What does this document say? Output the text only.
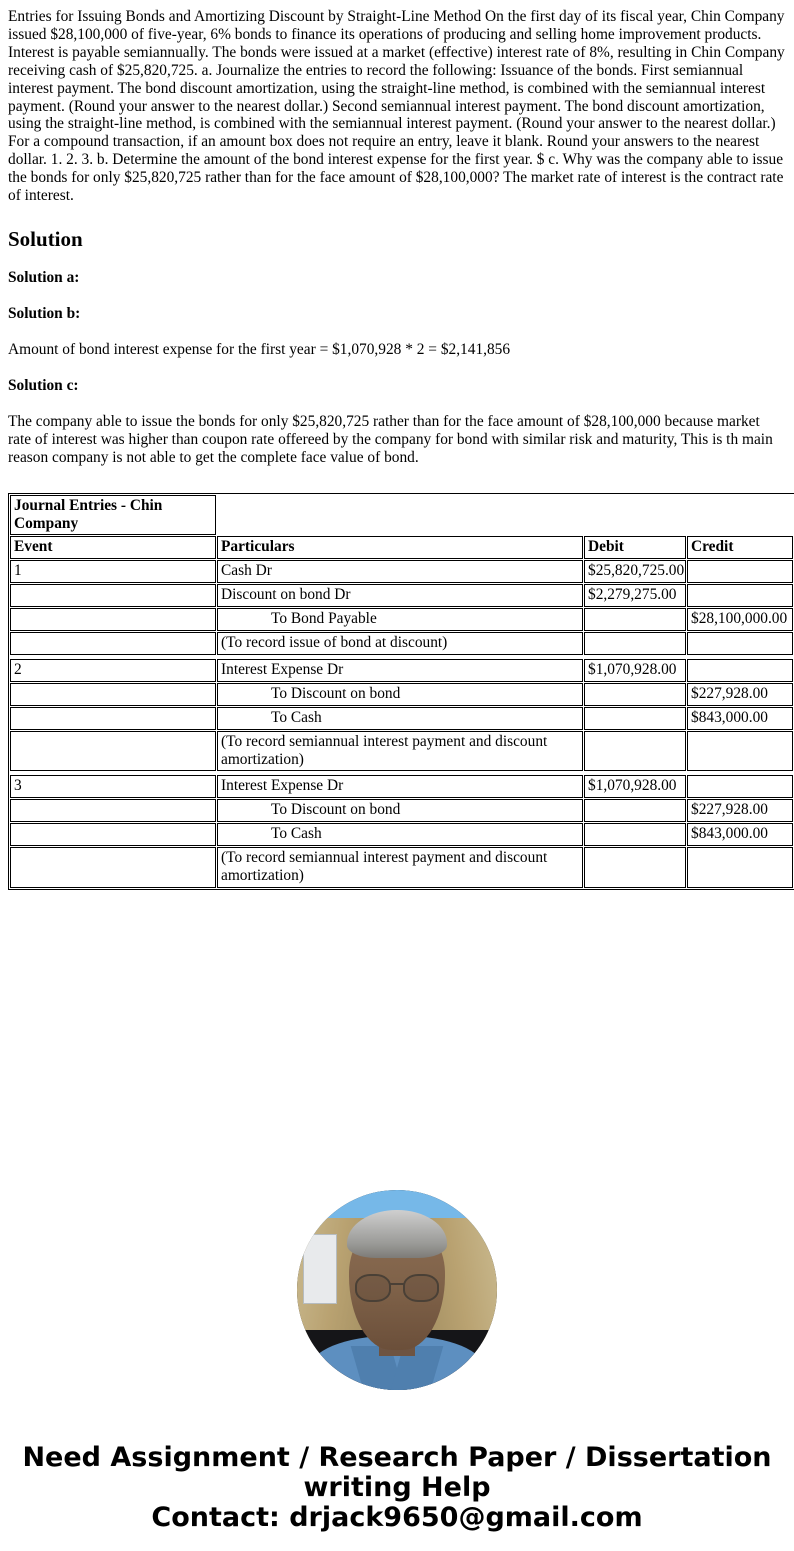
Entries for Issuing Bonds and Amortizing Discount by Straight-Line Method On the first day of its fiscal year, Chin Company issued $28,100,000 of five-year, 6% bonds to finance its operations of producing and selling home improvement products. Interest is payable semiannually. The bonds were issued at a market (effective) interest rate of 8%, resulting in Chin Company receiving cash of $25,820,725. a. Journalize the entries to record the following: Issuance of the bonds. First semiannual interest payment. The bond discount amortization, using the straight-line method, is combined with the semiannual interest payment. (Round your answer to the nearest dollar.) Second semiannual interest payment. The bond discount amortization, using the straight-line method, is combined with the semiannual interest payment. (Round your answer to the nearest dollar.) For a compound transaction, if an amount box does not require an entry, leave it blank. Round your answers to the nearest dollar. 1. 2. 3. b. Determine the amount of the bond interest expense for the first year. $ c. Why was the company able to issue the bonds for only $25,820,725 rather than for the face amount of $28,100,000? The market rate of interest is the contract rate of interest.
Solution
Solution a:
Solution b:
Amount of bond interest expense for the first year = $1,070,928 * 2 = $2,141,856
Solution c:
The company able to issue the bonds for only $25,820,725 rather than for the face amount of $28,100,000 because market rate of interest was higher than coupon rate offereed by the company for bond with similar risk and maturity, This is th main reason company is not able to get the complete face value of bond.
Journal Entries - Chin Company			
Event	Particulars	Debit	Credit
1	Cash Dr	$25,820,725.00	
	Discount on bond Dr	$2,279,275.00	
	To Bond Payable		$28,100,000.00
	(To record issue of bond at discount)		

2	Interest Expense Dr	$1,070,928.00	
	To Discount on bond		$227,928.00
	To Cash		$843,000.00
	(To record semiannual interest payment and discount amortization)		

3	Interest Expense Dr	$1,070,928.00	
	To Discount on bond		$227,928.00
	To Cash		$843,000.00
	(To record semiannual interest payment and discount amortization)		
Need Assignment / Research Paper / Dissertation
writing Help
Contact: drjack9650@gmail.com
